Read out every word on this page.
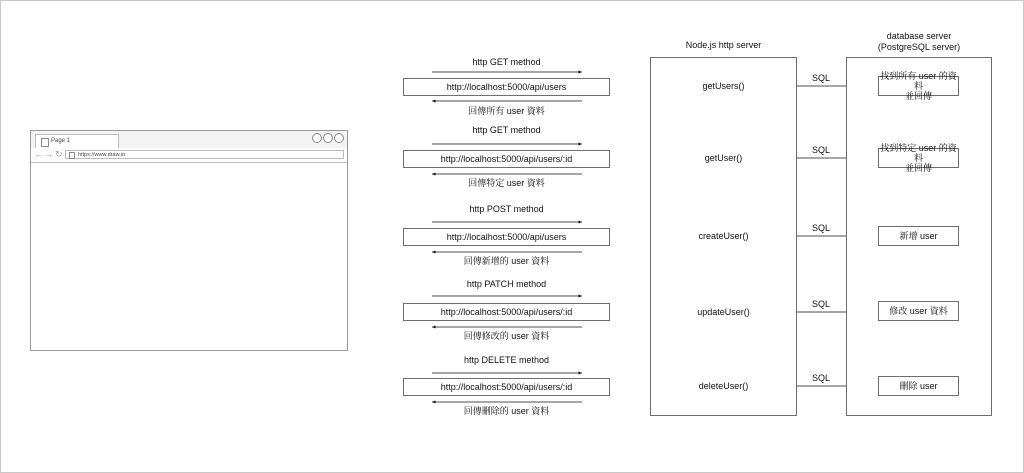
Page 1
← → ↻	https://www.draw.io
http GET method
http://localhost:5000/api/users
回傳所有 user 資料
http GET method
http://localhost:5000/api/users/:id
回傳特定 user 資料
http POST method
http://localhost:5000/api/users
回傳新增的 user 資料
http PATCH method
http://localhost:5000/api/users/:id
回傳修改的 user 資料
http DELETE method
http://localhost:5000/api/users/:id
回傳刪除的 user 資料
Node.js http server
getUsers()
SQL
getUser()
SQL
createUser()
SQL
updateUser()
SQL
deleteUser()
SQL
database server
(PostgreSQL server)
找到所有 user 的資料
並回傳
找到特定 user 的資料
並回傳
新增 user
修改 user 資料
刪除 user
